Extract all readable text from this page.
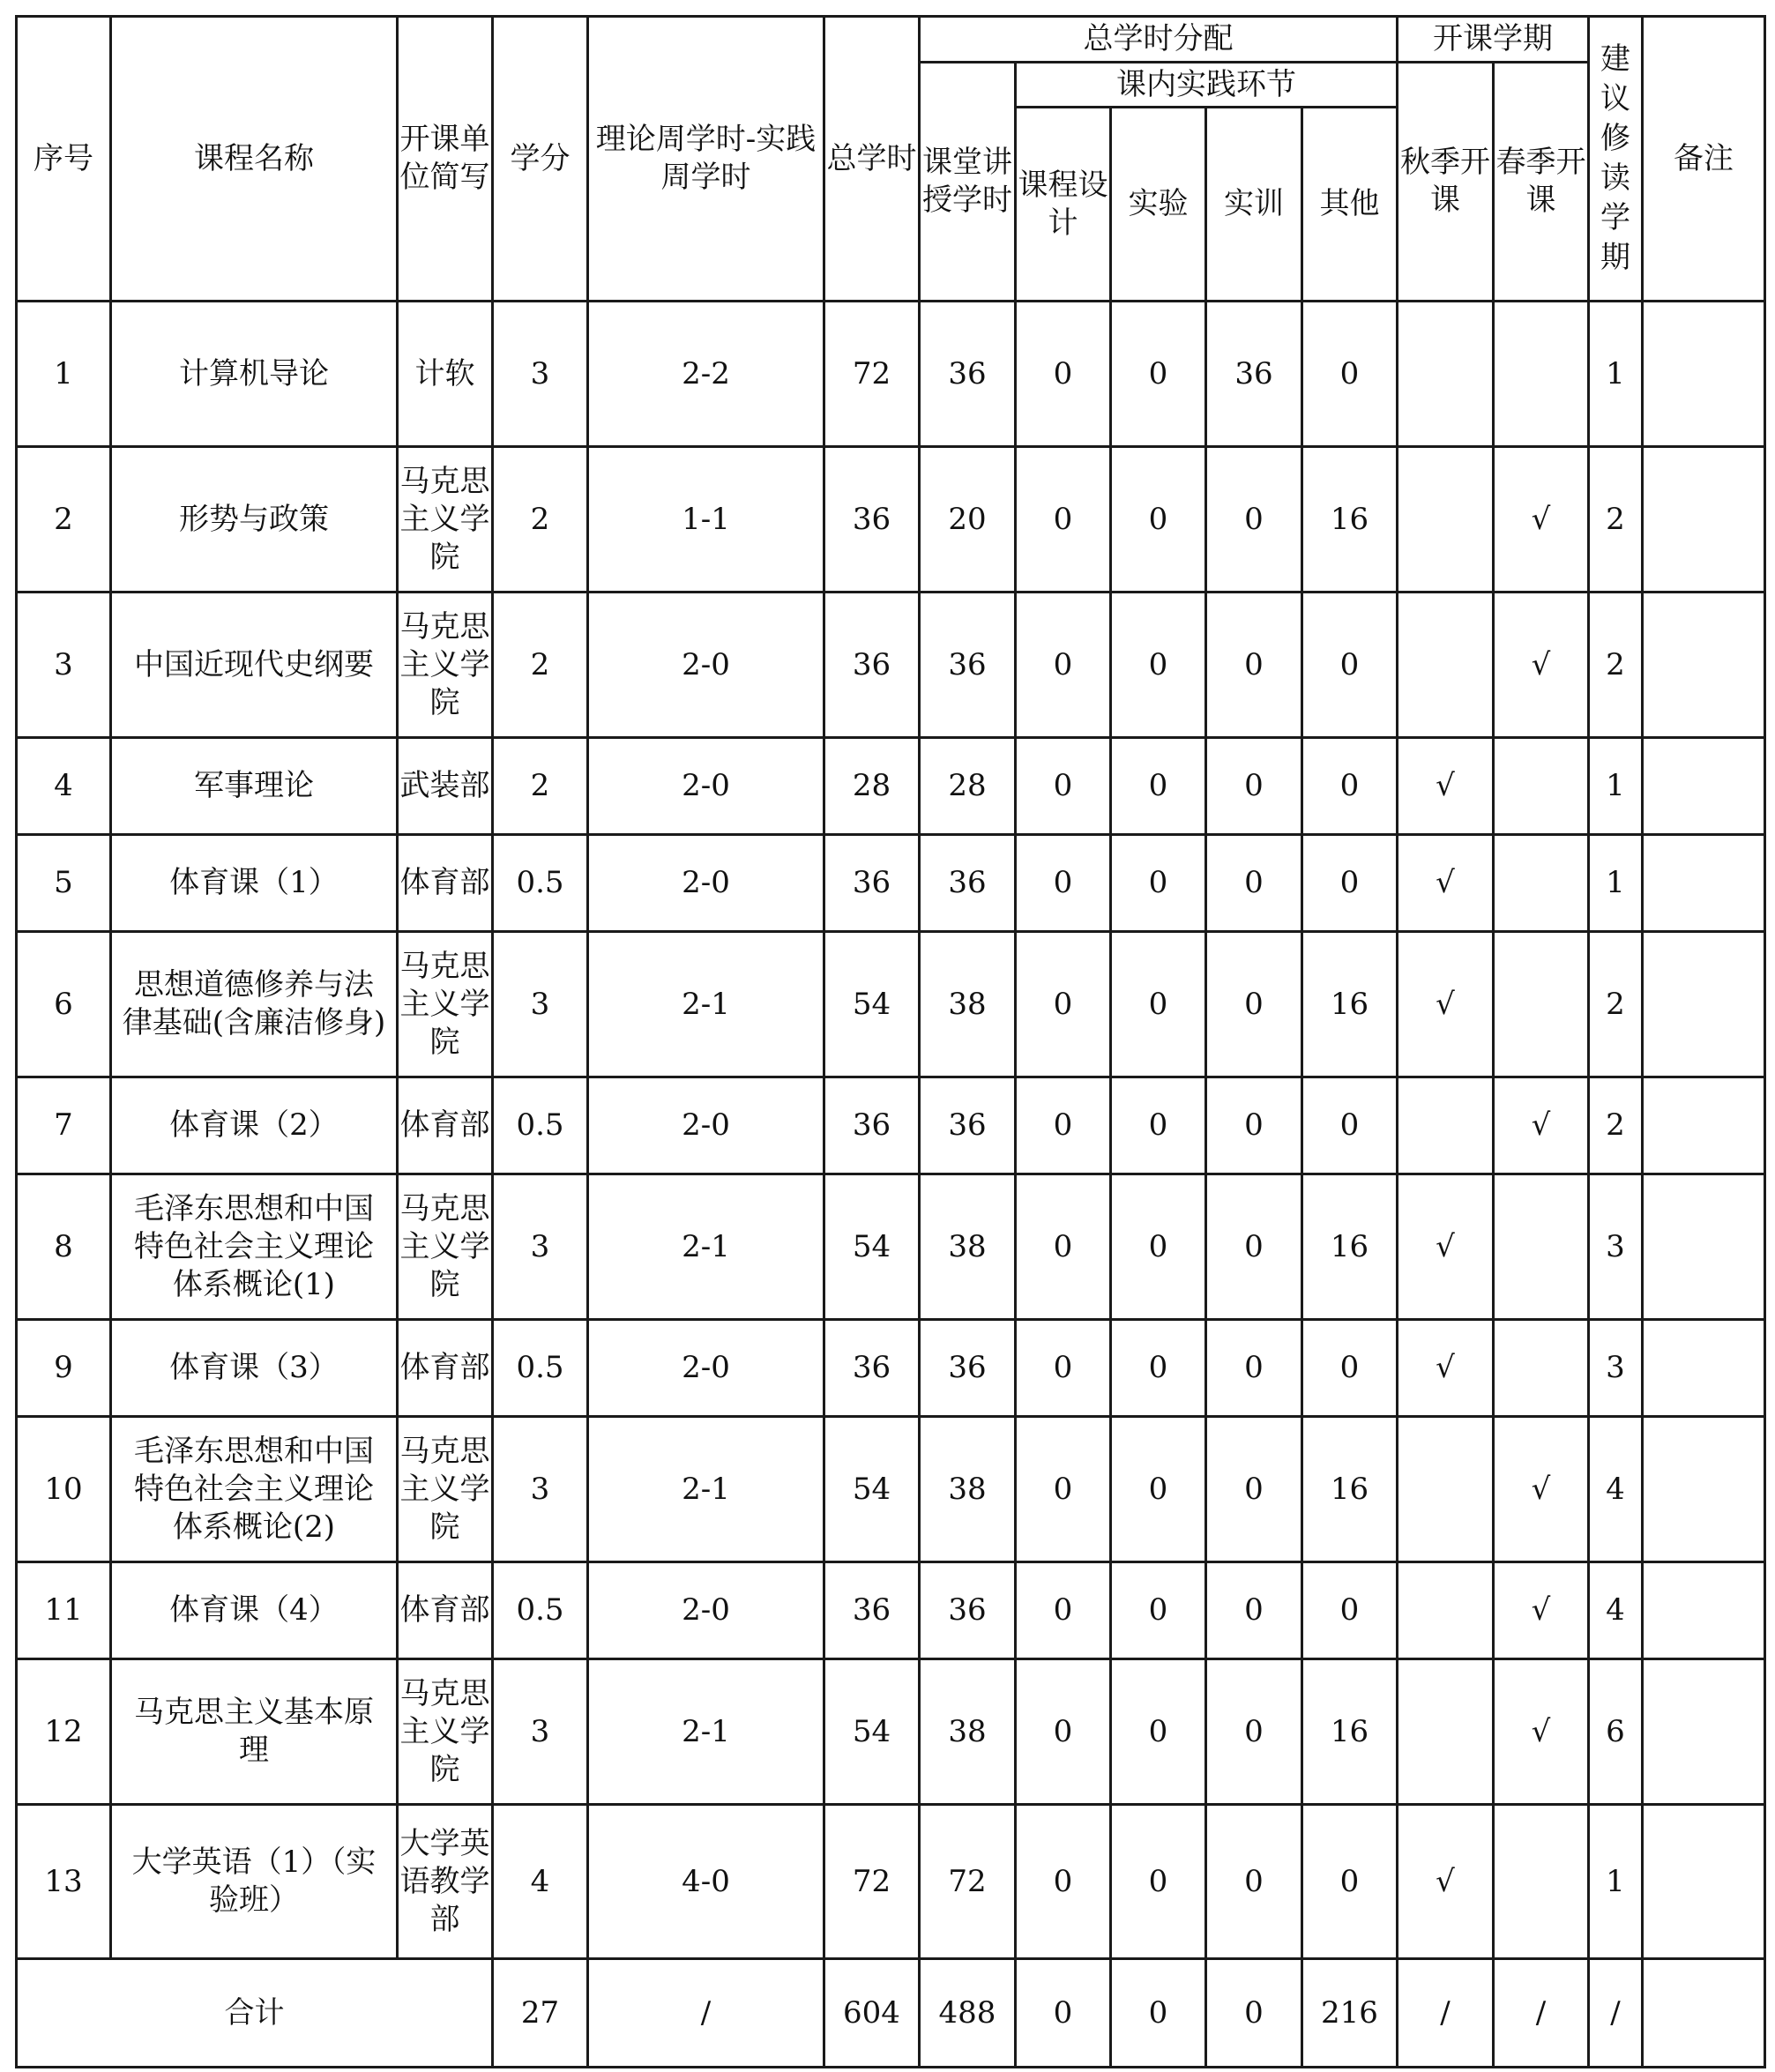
序号	课程名称	开课单位简写	学分	理论周学时-实践周学时	总学时	总学时分配					开课学期		建议修读学期	备注
						课堂讲授学时	课内实践环节				秋季开课	春季开课		
							课程设计	实验	实训	其他				
1	计算机导论	计软	3	2-2	72	36	0	0	36	0			1	
2	形势与政策	马克思主义学院	2	1-1	36	20	0	0	0	16		√	2	
3	中国近现代史纲要	马克思主义学院	2	2-0	36	36	0	0	0	0		√	2	
4	军事理论	武装部	2	2-0	28	28	0	0	0	0	√		1	
5	体育课（1）	体育部	0.5	2-0	36	36	0	0	0	0	√		1	
6	思想道德修养与法律基础(含廉洁修身)	马克思主义学院	3	2-1	54	38	0	0	0	16	√		2	
7	体育课（2）	体育部	0.5	2-0	36	36	0	0	0	0		√	2	
8	毛泽东思想和中国特色社会主义理论体系概论(1)	马克思主义学院	3	2-1	54	38	0	0	0	16	√		3	
9	体育课（3）	体育部	0.5	2-0	36	36	0	0	0	0	√		3	
10	毛泽东思想和中国特色社会主义理论体系概论(2)	马克思主义学院	3	2-1	54	38	0	0	0	16		√	4	
11	体育课（4）	体育部	0.5	2-0	36	36	0	0	0	0		√	4	
12	马克思主义基本原理	马克思主义学院	3	2-1	54	38	0	0	0	16		√	6	
13	大学英语（1）（实验班）	大学英语教学部	4	4-0	72	72	0	0	0	0	√		1	
合计			27	/	604	488	0	0	0	216	/	/	/	
